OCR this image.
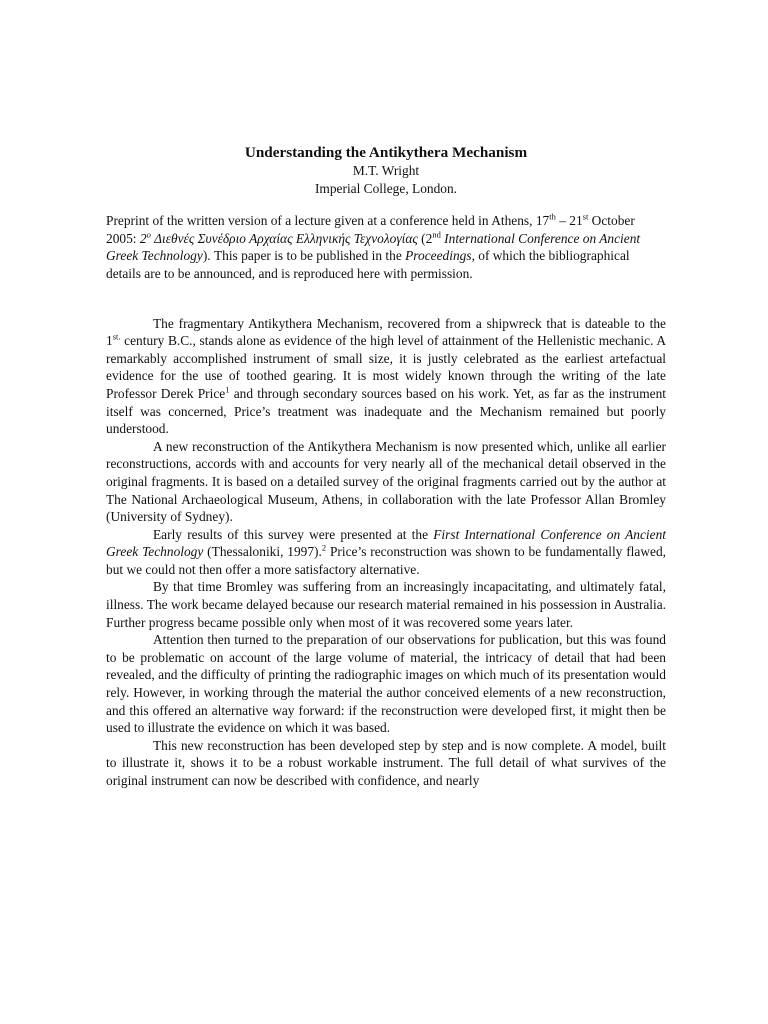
Understanding the Antikythera Mechanism
M.T. Wright
Imperial College, London.
Preprint of the written version of a lecture given at a conference held in Athens, 17th – 21st October 2005: 2$^o$ Διεθνές Συνέδριο Αρχαίας Ελληνικής Τεχνολογίας (2nd International Conference on Ancient Greek Technology). This paper is to be published in the Proceedings, of which the bibliographical details are to be announced, and is reproduced here with permission.

The fragmentary Antikythera Mechanism, recovered from a shipwreck that is dateable to the $1^{st.}$ century B.C., stands alone as evidence of the high level of attainment of the Hellenistic mechanic. A remarkably accomplished instrument of small size, it is justly celebrated as the earliest artefactual evidence for the use of toothed gearing. It is most widely known through the writing of the late Professor Derek Price$^1$ and through secondary sources based on his work. Yet, as far as the instrument itself was concerned, Price’s treatment was inadequate and the Mechanism remained but poorly understood.

A new reconstruction of the Antikythera Mechanism is now presented which, unlike all earlier reconstructions, accords with and accounts for very nearly all of the mechanical detail observed in the original fragments. It is based on a detailed survey of the original fragments carried out by the author at The National Archaeological Museum, Athens, in collaboration with the late Professor Allan Bromley (University of Sydney).

Early results of this survey were presented at the First International Conference on Ancient Greek Technology (Thessaloniki, 1997).$^2$ Price’s reconstruction was shown to be fundamentally flawed, but we could not then offer a more satisfactory alternative.

By that time Bromley was suffering from an increasingly incapacitating, and ultimately fatal, illness. The work became delayed because our research material remained in his possession in Australia. Further progress became possible only when most of it was recovered some years later.

Attention then turned to the preparation of our observations for publication, but this was found to be problematic on account of the large volume of material, the intricacy of detail that had been revealed, and the difficulty of printing the radiographic images on which much of its presentation would rely. However, in working through the material the author conceived elements of a new reconstruction, and this offered an alternative way forward: if the reconstruction were developed first, it might then be used to illustrate the evidence on which it was based.

This new reconstruction has been developed step by step and is now complete. A model, built to illustrate it, shows it to be a robust workable instrument. The full detail of what survives of the original instrument can now be described with confidence, and nearly
